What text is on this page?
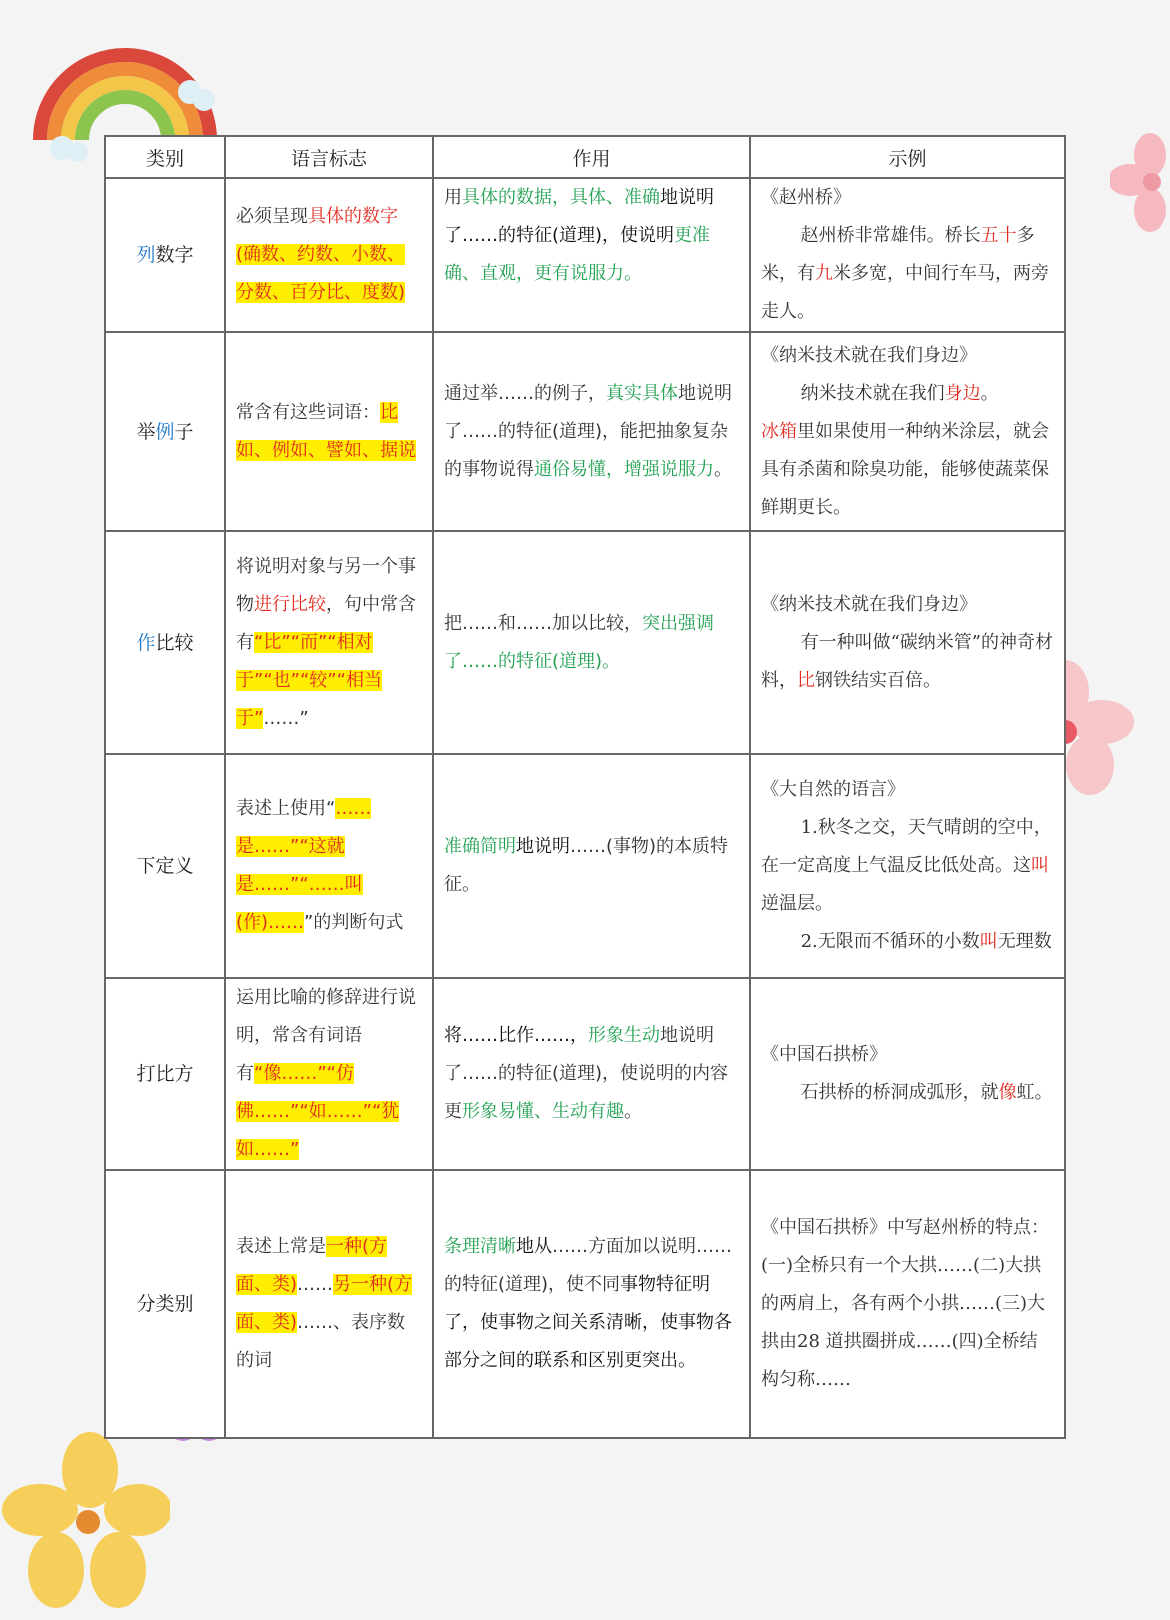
类别	语言标志	作用	示例
列数字	必须呈现具体的数字(确数、约数、小数、分数、百分比、度数)	用具体的数据，具体、准确地说明了……的特征(道理)，使说明更准确、直观，更有说服力。	《赵州桥》
赵州桥非常雄伟。桥长五十多米，有九米多宽，中间行车马，两旁走人。

举例子	常含有这些词语：比如、例如、譬如、据说	通过举……的例子，真实具体地说明了……的特征(道理)，能把抽象复杂的事物说得通俗易懂，增强说服力。	《纳米技术就在我们身边》
纳米技术就在我们身边。
冰箱里如果使用一种纳米涂层，就会具有杀菌和除臭功能，能够使蔬菜保鲜期更长。
作比较	将说明对象与另一个事物进行比较，句中常含有“比”“而”“相对于”“也”“较”“相当于”……”	把……和……加以比较，突出强调了……的特征(道理)。	《纳米技术就在我们身边》
有一种叫做“碳纳米管”的神奇材料，比钢铁结实百倍。

下定义	表述上使用“……是……”“这就是……”“……叫(作)……”的判断句式	准确简明地说明……(事物)的本质特征。	《大自然的语言》
1.秋冬之交，天气晴朗的空中，在一定高度上气温反比低处高。这叫逆温层。
2.无限而不循环的小数叫无理数

打比方	运用比喻的修辞进行说明，常含有词语有“像……”“仿佛……”“如……”“犹如……”	将……比作……，形象生动地说明了……的特征(道理)，使说明的内容更形象易懂、生动有趣。	《中国石拱桥》
石拱桥的桥洞成弧形，就像虹。

分类别	表述上常是一种(方面、类)……另一种(方面、类)……、表序数的词	条理清晰地从……方面加以说明……的特征(道理)，使不同事物特征明了，使事物之间关系清晰，使事物各部分之间的联系和区别更突出。	《中国石拱桥》中写赵州桥的特点：(一)全桥只有一个大拱……(二)大拱的两肩上，各有两个小拱……(三)大拱由28 道拱圈拼成……(四)全桥结构匀称……
